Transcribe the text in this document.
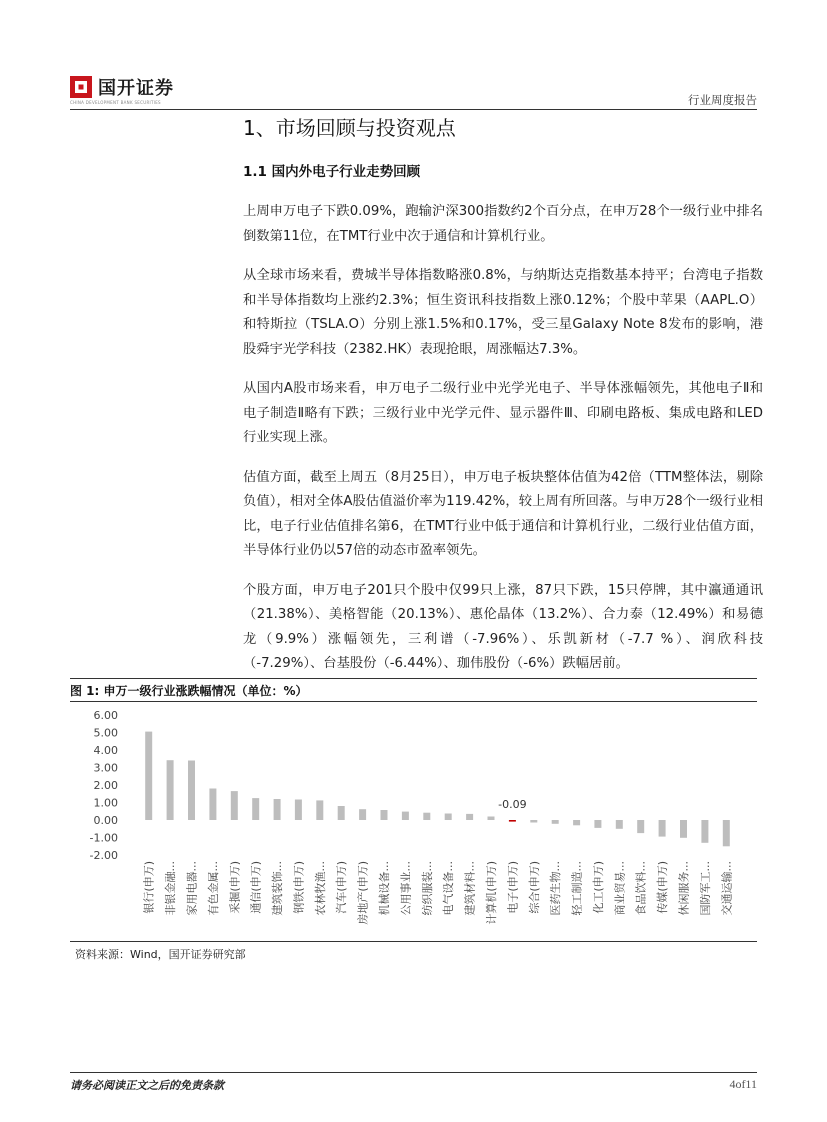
国开证券
CHINA DEVELOPMENT BANK SECURITIES	行业周度报告
1、市场回顾与投资观点
1.1 国内外电子行业走势回顾

上周申万电子下跌0.09%，跑输沪深300指数约2个百分点，在申万28个一级行业中排名倒数第11位，在TMT行业中次于通信和计算机行业。

从全球市场来看，费城半导体指数略涨0.8%，与纳斯达克指数基本持平；台湾电子指数和半导体指数均上涨约2.3%；恒生资讯科技指数上涨0.12%；个股中苹果（AAPL.O）和特斯拉（TSLA.O）分别上涨1.5%和0.17%，受三星Galaxy Note 8发布的影响，港股舜宇光学科技（2382.HK）表现抢眼，周涨幅达7.3%。

从国内A股市场来看，申万电子二级行业中光学光电子、半导体涨幅领先，其他电子Ⅱ和电子制造Ⅱ略有下跌；三级行业中光学元件、显示器件Ⅲ、印刷电路板、集成电路和LED行业实现上涨。

估值方面，截至上周五（8月25日），申万电子板块整体估值为42倍（TTM整体法，剔除负值），相对全体A股估值溢价率为119.42%，较上周有所回落。与申万28个一级行业相比，电子行业估值排名第6，在TMT行业中低于通信和计算机行业，二级行业估值方面，半导体行业仍以57倍的动态市盈率领先。

个股方面，申万电子201只个股中仅99只上涨，87只下跌，15只停牌，其中瀛通通讯（21.38%）、美格智能（20.13%）、惠伦晶体（13.2%）、合力泰（12.49%）和易德龙（9.9%）涨幅领先，三利谱（-7.96%）、乐凯新材（-7.7 %）、润欣科技（-7.29%）、台基股份（-6.44%）、珈伟股份（-6%）跌幅居前。

图 1: 申万一级行业涨跌幅情况（单位：%）
6.00
5.00
4.00
3.00
2.00
1.00
0.00
-1.00
-2.00
-0.09
银行(申万) 非银金融... 家用电器... 有色金属... 采掘(申万) 通信(申万) 建筑装饰... 钢铁(申万) 农林牧渔... 汽车(申万) 房地产(申万) 机械设备... 公用事业... 纺织服装... 电气设备... 建筑材料... 计算机(申万) 电子(申万) 综合(申万) 医药生物... 轻工制造... 化工(申万) 商业贸易... 食品饮料... 传媒(申万) 休闲服务... 国防军工... 交通运输...
资料来源：Wind，国开证券研究部
请务必阅读正文之后的免责条款	4of11
